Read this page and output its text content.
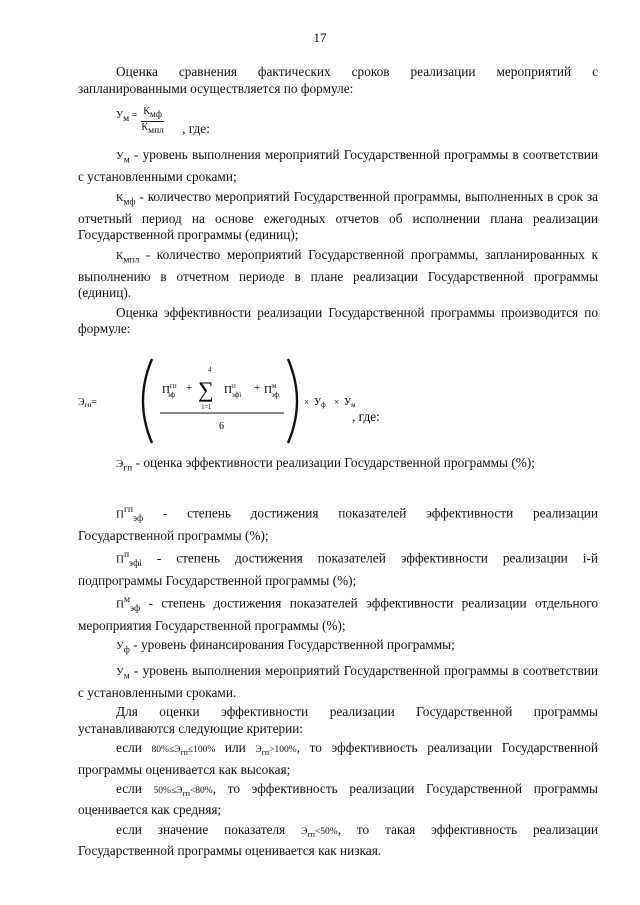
17

Оценка сравнения фактических сроков реализации мероприятий с запланированными осуществляется по формуле:

$У_м = \frac{К_{мф}}{К_{мпл}}$ , где:

$У_м$ - уровень выполнения мероприятий Государственной программы в соответствии с установленными сроками;

$К_{мф}$ - количество мероприятий Государственной программы, выполненных в срок за отчетный период на основе ежегодных отчетов об исполнении плана реализации Государственной программы (единиц);

$К_{мпл}$ - количество мероприятий Государственной программы, запланированных к выполнению в отчетном периоде в плане реализации Государственной программы (единиц).

Оценка эффективности реализации Государственной программы производится по формуле:

$Э_{гп}=$
$П^{гп}$ эф
+
4
∑
i=1
$П^п$ эфi
+ $П^м$ эф
6
× $У_ф \times У_м$
, где:

$Э_{гп}$ - оценка эффективности реализации Государственной программы (%);

$П^{гп}_{эф}$ - степень достижения показателей эффективности реализации Государственной программы (%);

$П^п_{эфi}$ - степень достижения показателей эффективности реализации i-й подпрограммы Государственной программы (%);

$П^м_{эф}$ - степень достижения показателей эффективности реализации отдельного мероприятия Государственной программы (%);

$У_ф$ - уровень финансирования Государственной программы;

$У_м$ - уровень выполнения мероприятий Государственной программы в соответствии с установленными сроками.

Для оценки эффективности реализации Государственной программы устанавливаются следующие критерии:

если $80\%\le Э_{гп}\le 100\%$ или $Э_{гп}>100\%$, то эффективность реализации Государственной программы оценивается как высокая;

если $50\%\le Э_{гп}<80\%$, то эффективность реализации Государственной программы оценивается как средняя;

если значение показателя $Э_{гп}<50\%$, то такая эффективность реализации Государственной программы оценивается как низкая.
